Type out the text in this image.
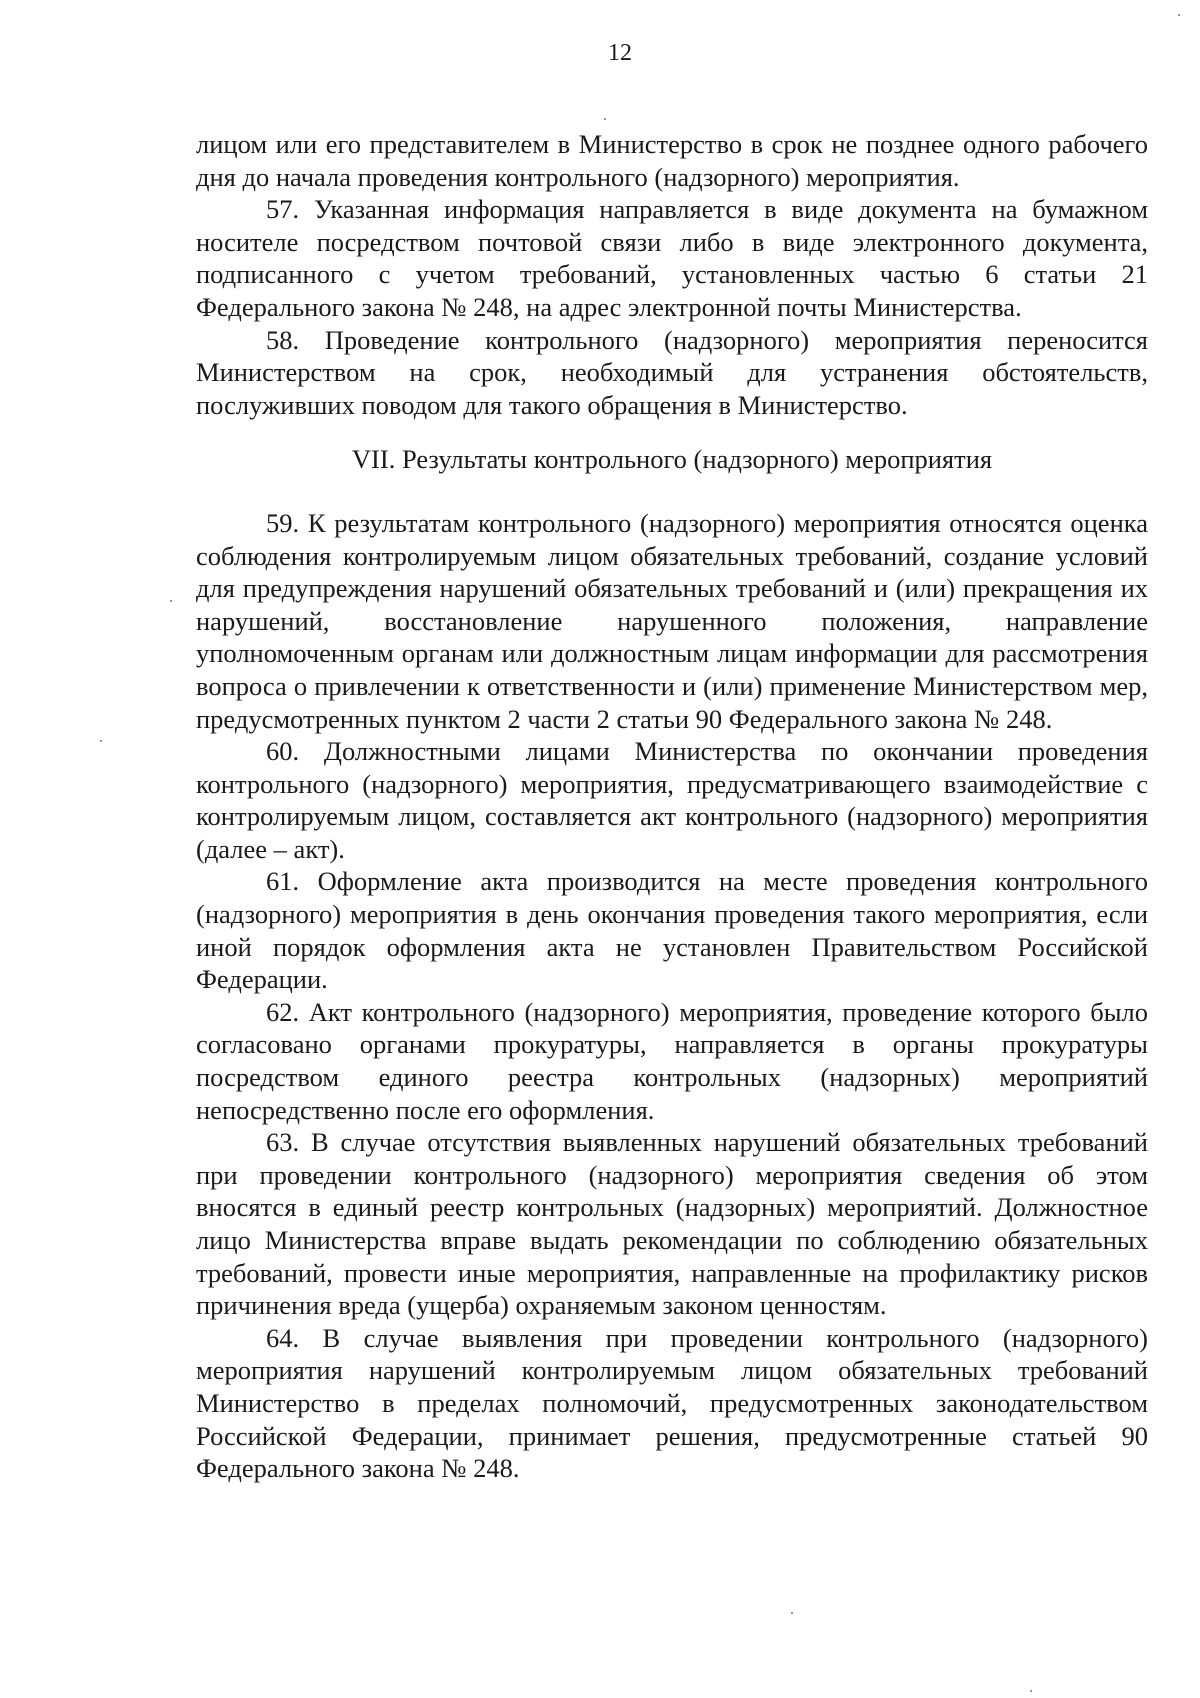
12

лицом или его представителем в Министерство в срок не позднее одного рабочего дня до начала проведения контрольного (надзорного) мероприятия.

57. Указанная информация направляется в виде документа на бумажном носителе посредством почтовой связи либо в виде электронного документа, подписанного с учетом требований, установленных частью 6 статьи 21 Федерального закона № 248, на адрес электронной почты Министерства.

58. Проведение контрольного (надзорного) мероприятия переносится Министерством на срок, необходимый для устранения обстоятельств, послуживших поводом для такого обращения в Министерство.

VII. Результаты контрольного (надзорного) мероприятия

59. К результатам контрольного (надзорного) мероприятия относятся оценка соблюдения контролируемым лицом обязательных требований, создание условий для предупреждения нарушений обязательных требований и (или) прекращения их нарушений, восстановление нарушенного положения, направление уполномоченным органам или должностным лицам информации для рассмотрения вопроса о привлечении к ответственности и (или) применение Министерством мер, предусмотренных пунктом 2 части 2 статьи 90 Федерального закона № 248.

60. Должностными лицами Министерства по окончании проведения контрольного (надзорного) мероприятия, предусматривающего взаимодействие с контролируемым лицом, составляется акт контрольного (надзорного) мероприятия (далее – акт).

61. Оформление акта производится на месте проведения контрольного (надзорного) мероприятия в день окончания проведения такого мероприятия, если иной порядок оформления акта не установлен Правительством Российской Федерации.

62. Акт контрольного (надзорного) мероприятия, проведение которого было согласовано органами прокуратуры, направляется в органы прокуратуры посредством единого реестра контрольных (надзорных) мероприятий непосредственно после его оформления.

63. В случае отсутствия выявленных нарушений обязательных требований при проведении контрольного (надзорного) мероприятия сведения об этом вносятся в единый реестр контрольных (надзорных) мероприятий. Должностное лицо Министерства вправе выдать рекомендации по соблюдению обязательных требований, провести иные мероприятия, направленные на профилактику рисков причинения вреда (ущерба) охраняемым законом ценностям.

64. В случае выявления при проведении контрольного (надзорного) мероприятия нарушений контролируемым лицом обязательных требований Министерство в пределах полномочий, предусмотренных законодательством Российской Федерации, принимает решения, предусмотренные статьей 90 Федерального закона № 248.
